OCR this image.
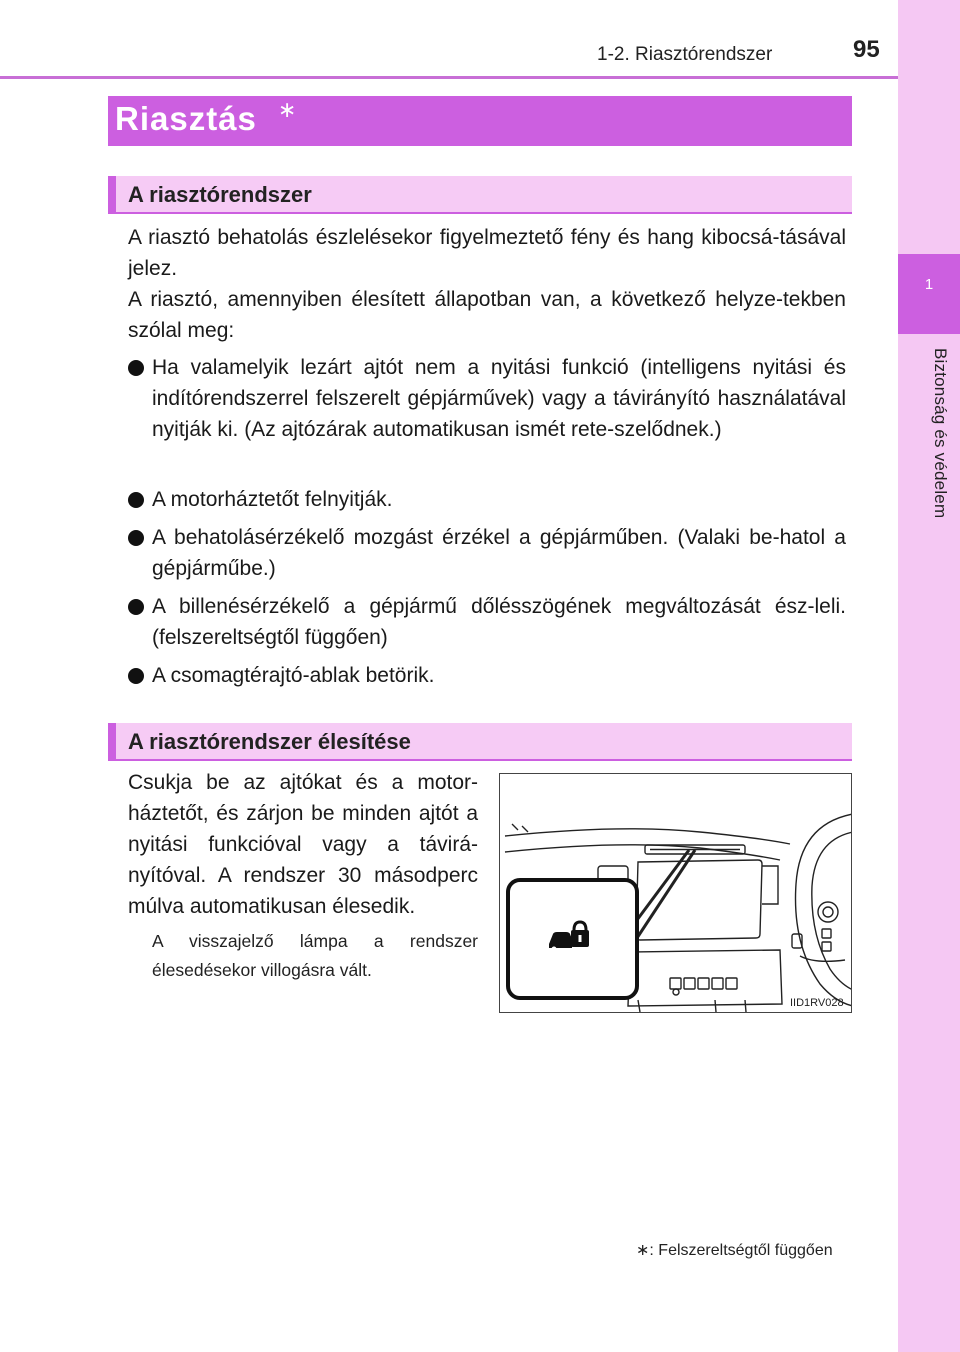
1-2. Riasztórendszer	95
1
Biztonság és védelem
Riasztás ∗
A riasztórendszer
A riasztó behatolás észlelésekor figyelmeztető fény és hang kibocsá-tásával jelez.
A riasztó, amennyiben élesített állapotban van, a következő helyze-tekben szólal meg:
Ha valamelyik lezárt ajtót nem a nyitási funkció (intelligens nyitási és indítórendszerrel felszerelt gépjárművek) vagy a távirányító használatával nyitják ki. (Az ajtózárak automatikusan ismét rete-szelődnek.)
A motorháztetőt felnyitják.
A behatolásérzékelő mozgást érzékel a gépjárműben. (Valaki be-hatol a gépjárműbe.)
A billenésérzékelő a gépjármű dőlésszögének megváltozását ész-leli. (felszereltségtől függően)
A csomagtérajtó-ablak betörik.
A riasztórendszer élesítése
Csukja be az ajtókat és a motor-háztetőt, és zárjon be minden ajtót a nyitási funkcióval vagy a távirá-nyítóval. A rendszer 30 másodperc múlva automatikusan élesedik.
A visszajelző lámpa a rendszer élesedésekor villogásra vált.
IID1RV028
∗: Felszereltségtől függően
